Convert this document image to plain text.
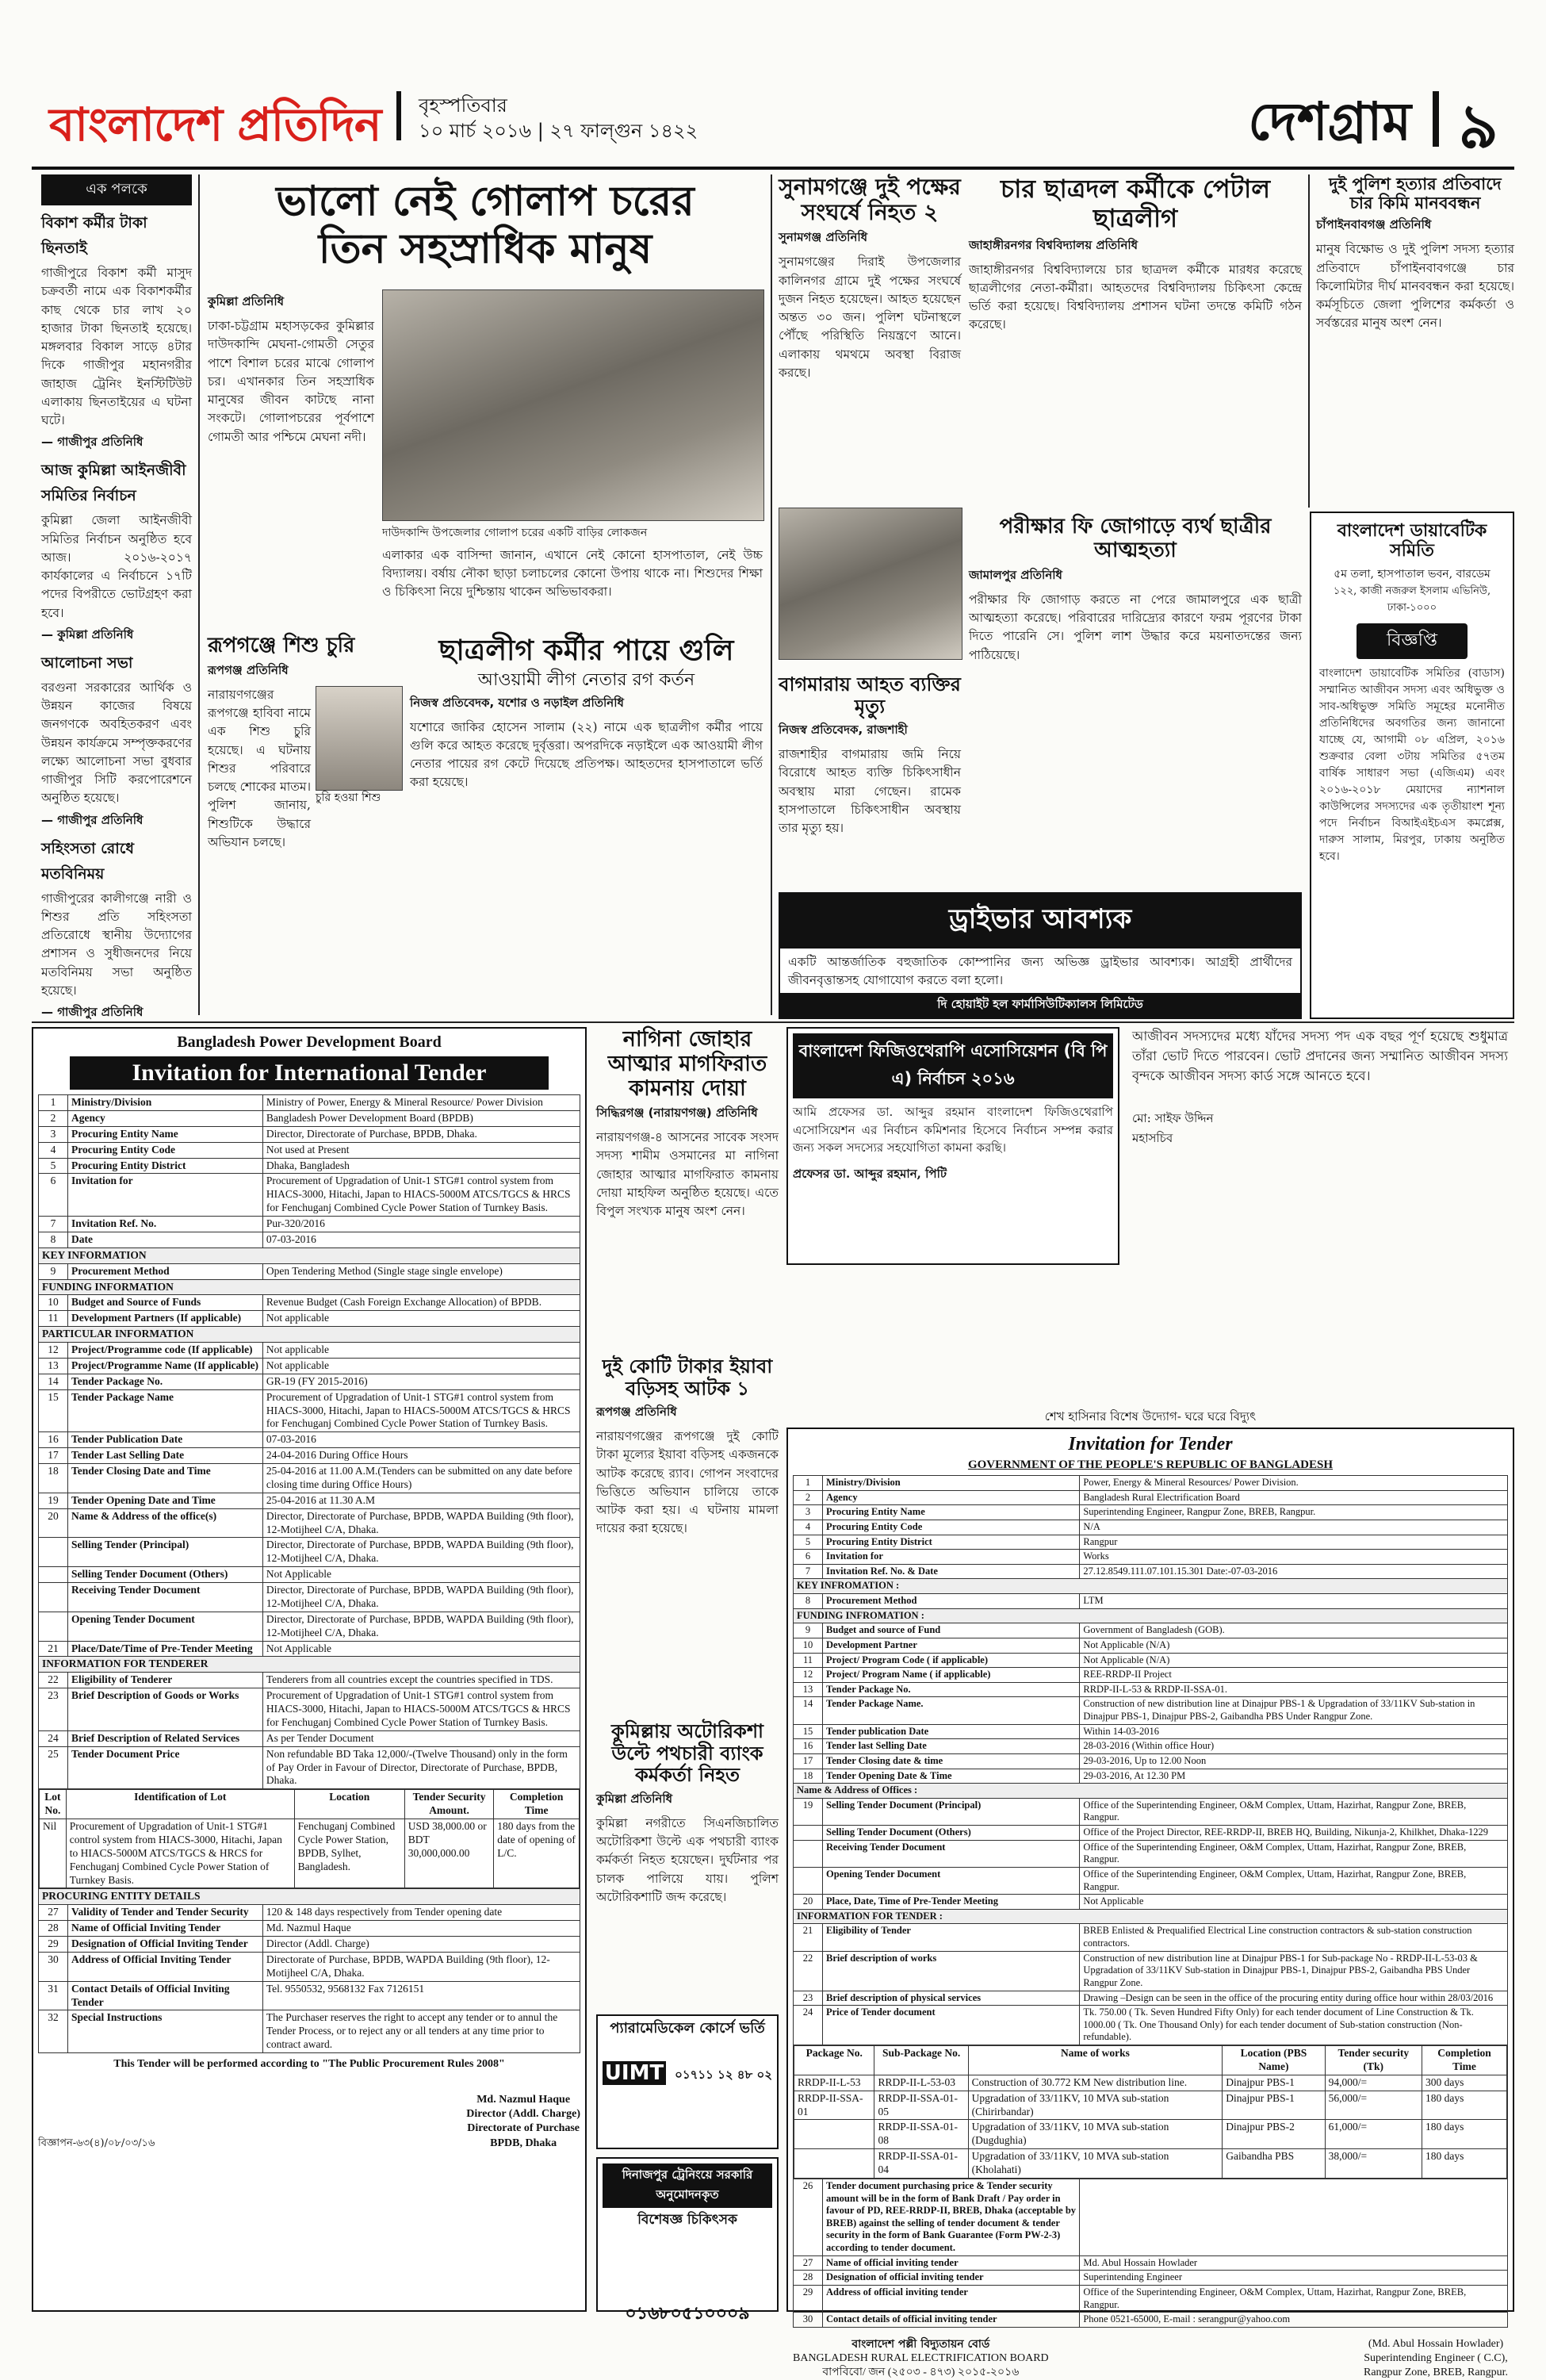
বাংলাদেশ প্রতিদিন বৃহস্পতিবার
১০ মার্চ ২০১৬ | ২৭ ফাল্গুন ১৪২২	দেশগ্রাম ৯
এক পলকে
বিকাশ কর্মীর টাকা ছিনতাই
গাজীপুরে বিকাশ কর্মী মাসুদ চক্রবর্তী নামে এক বিকাশকর্মীর কাছ থেকে চার লাখ ২০ হাজার টাকা ছিনতাই হয়েছে। মঙ্গলবার বিকাল সাড়ে ৪টার দিকে গাজীপুর মহানগরীর জাহাজ ট্রেনিং ইনস্টিটিউট এলাকায় ছিনতাইয়ের এ ঘটনা ঘটে।
— গাজীপুর প্রতিনিধি
আজ কুমিল্লা আইনজীবী সমিতির নির্বাচন
কুমিল্লা জেলা আইনজীবী সমিতির নির্বাচন অনুষ্ঠিত হবে আজ। ২০১৬-২০১৭ কার্যকালের এ নির্বাচনে ১৭টি পদের বিপরীতে ভোটগ্রহণ করা হবে।
— কুমিল্লা প্রতিনিধি
আলোচনা সভা
বরগুনা সরকারের আর্থিক ও উন্নয়ন কাজের বিষয়ে জনগণকে অবহিতকরণ এবং উন্নয়ন কার্যক্রমে সম্পৃক্তকরণের লক্ষ্যে আলোচনা সভা বুধবার গাজীপুর সিটি করপোরেশনে অনুষ্ঠিত হয়েছে।
— গাজীপুর প্রতিনিধি
সহিংসতা রোধে মতবিনিময়
গাজীপুরের কালীগঞ্জে নারী ও শিশুর প্রতি সহিংসতা প্রতিরোধে স্থানীয় উদ্যোগের প্রশাসন ও সুধীজনদের নিয়ে মতবিনিময় সভা অনুষ্ঠিত হয়েছে।
— গাজীপুর প্রতিনিধি
ভালো নেই গোলাপ চরের
তিন সহস্রাধিক মানুষ
কুমিল্লা প্রতিনিধি
ঢাকা-চট্টগ্রাম মহাসড়কের কুমিল্লার দাউদকান্দি মেঘনা-গোমতী সেতুর পাশে বিশাল চরের মাঝে গোলাপ চর। এখানকার তিন সহস্রাধিক মানুষের জীবন কাটছে নানা সংকটে। গোলাপচরের পূর্বপাশে গোমতী আর পশ্চিমে মেঘনা নদী।
দাউদকান্দি উপজেলার গোলাপ চরের একটি বাড়ির লোকজন
এলাকার এক বাসিন্দা জানান, এখানে নেই কোনো হাসপাতাল, নেই উচ্চ বিদ্যালয়। বর্ষায় নৌকা ছাড়া চলাচলের কোনো উপায় থাকে না। শিশুদের শিক্ষা ও চিকিৎসা নিয়ে দুশ্চিন্তায় থাকেন অভিভাবকরা।
রূপগঞ্জে শিশু চুরি
রূপগঞ্জ প্রতিনিধি
নারায়ণগঞ্জের রূপগঞ্জে হাবিবা নামে এক শিশু চুরি হয়েছে। এ ঘটনায় শিশুর পরিবারে চলছে শোকের মাতম। পুলিশ জানায়, শিশুটিকে উদ্ধারে অভিযান চলছে।
চুরি হওয়া শিশু
ছাত্রলীগ কর্মীর পায়ে গুলি
আওয়ামী লীগ নেতার রগ কর্তন
নিজস্ব প্রতিবেদক, যশোর ও নড়াইল প্রতিনিধি
যশোরে জাকির হোসেন সালাম (২২) নামে এক ছাত্রলীগ কর্মীর পায়ে গুলি করে আহত করেছে দুর্বৃত্তরা। অপরদিকে নড়াইলে এক আওয়ামী লীগ নেতার পায়ের রগ কেটে দিয়েছে প্রতিপক্ষ। আহতদের হাসপাতালে ভর্তি করা হয়েছে।
সুনামগঞ্জে দুই পক্ষের সংঘর্ষে নিহত ২
সুনামগঞ্জ প্রতিনিধি
সুনামগঞ্জের দিরাই উপজেলার কালিনগর গ্রামে দুই পক্ষের সংঘর্ষে দুজন নিহত হয়েছেন। আহত হয়েছেন অন্তত ৩০ জন। পুলিশ ঘটনাস্থলে পৌঁছে পরিস্থিতি নিয়ন্ত্রণে আনে। এলাকায় থমথমে অবস্থা বিরাজ করছে।
বাগমারায় আহত ব্যক্তির মৃত্যু
নিজস্ব প্রতিবেদক, রাজশাহী
রাজশাহীর বাগমারায় জমি নিয়ে বিরোধে আহত ব্যক্তি চিকিৎসাধীন অবস্থায় মারা গেছেন। রামেক হাসপাতালে চিকিৎসাধীন অবস্থায় তার মৃত্যু হয়।
চার ছাত্রদল কর্মীকে পেটাল ছাত্রলীগ
জাহাঙ্গীরনগর বিশ্ববিদ্যালয় প্রতিনিধি
জাহাঙ্গীরনগর বিশ্ববিদ্যালয়ে চার ছাত্রদল কর্মীকে মারধর করেছে ছাত্রলীগের নেতা-কর্মীরা। আহতদের বিশ্ববিদ্যালয় চিকিৎসা কেন্দ্রে ভর্তি করা হয়েছে। বিশ্ববিদ্যালয় প্রশাসন ঘটনা তদন্তে কমিটি গঠন করেছে।
পরীক্ষার ফি জোগাড়ে ব্যর্থ ছাত্রীর আত্মহত্যা
জামালপুর প্রতিনিধি
পরীক্ষার ফি জোগাড় করতে না পেরে জামালপুরে এক ছাত্রী আত্মহত্যা করেছে। পরিবারের দারিদ্র্যের কারণে ফরম পূরণের টাকা দিতে পারেনি সে। পুলিশ লাশ উদ্ধার করে ময়নাতদন্তের জন্য পাঠিয়েছে।
ড্রাইভার আবশ্যক
একটি আন্তর্জাতিক বহুজাতিক কোম্পানির জন্য অভিজ্ঞ ড্রাইভার আবশ্যক। আগ্রহী প্রার্থীদের জীবনবৃত্তান্তসহ যোগাযোগ করতে বলা হলো।
দি হোয়াইট হল ফার্মাসিউটিক্যালস লিমিটেড
দুই পুলিশ হত্যার প্রতিবাদে চার কিমি মানববন্ধন
চাঁপাইনবাবগঞ্জ প্রতিনিধি
মানুষ বিক্ষোভ ও দুই পুলিশ সদস্য হত্যার প্রতিবাদে চাঁপাইনবাবগঞ্জে চার কিলোমিটার দীর্ঘ মানববন্ধন করা হয়েছে। কর্মসূচিতে জেলা পুলিশের কর্মকর্তা ও সর্বস্তরের মানুষ অংশ নেন।
বাংলাদেশ ডায়াবেটিক সমিতি
৫ম তলা, হাসপাতাল ভবন, বারডেম
১২২, কাজী নজরুল ইসলাম এভিনিউ, ঢাকা-১০০০
বিজ্ঞপ্তি
বাংলাদেশ ডায়াবেটিক সমিতির (বাডাস) সম্মানিত আজীবন সদস্য এবং অধিভুক্ত ও সাব-অধিভুক্ত সমিতি সমূহের মনোনীত প্রতিনিধিদের অবগতির জন্য জানানো যাচ্ছে যে, আগামী ০৮ এপ্রিল, ২০১৬ শুক্রবার বেলা ৩টায় সমিতির ৫৭তম বার্ষিক সাধারণ সভা (এজিএম) এবং ২০১৬-২০১৮ মেয়াদের ন্যাশনাল কাউন্সিলের সদস্যদের এক তৃতীয়াংশ শূন্য পদে নির্বাচন বিআইএইচএস কমপ্লেক্স, দারুস সালাম, মিরপুর, ঢাকায় অনুষ্ঠিত হবে।
আজীবন সদস্যদের মধ্যে যাঁদের সদস্য পদ এক বছর পূর্ণ হয়েছে শুধুমাত্র তাঁরা ভোট দিতে পারবেন। ভোট প্রদানের জন্য সম্মানিত আজীবন সদস্য বৃন্দকে আজীবন সদস্য কার্ড সঙ্গে আনতে হবে।
মো: সাইফ উদ্দিন
মহাসচিব
Bangladesh Power Development Board
Invitation for International Tender
1	Ministry/Division	Ministry of Power, Energy & Mineral Resource/ Power Division
2	Agency	Bangladesh Power Development Board (BPDB)
3	Procuring Entity Name	Director, Directorate of Purchase, BPDB, Dhaka.
4	Procuring Entity Code	Not used at Present
5	Procuring Entity District	Dhaka, Bangladesh
6	Invitation for	Procurement of Upgradation of Unit-1 STG#1 control system from HIACS-3000, Hitachi, Japan to HIACS-5000M ATCS/TGCS & HRCS for Fenchuganj Combined Cycle Power Station of Turnkey Basis.
7	Invitation Ref. No.	Pur-320/2016
8	Date	07-03-2016
KEY INFORMATION
9	Procurement Method	Open Tendering Method (Single stage single envelope)
FUNDING INFORMATION
10	Budget and Source of Funds	Revenue Budget (Cash Foreign Exchange Allocation) of BPDB.
11	Development Partners (If applicable)	Not applicable
PARTICULAR INFORMATION
12	Project/Programme code (If applicable)	Not applicable
13	Project/Programme Name (If applicable)	Not applicable
14	Tender Package No.	GR-19 (FY 2015-2016)
15	Tender Package Name	Procurement of Upgradation of Unit-1 STG#1 control system from HIACS-3000, Hitachi, Japan to HIACS-5000M ATCS/TGCS & HRCS for Fenchuganj Combined Cycle Power Station of Turnkey Basis.
16	Tender Publication Date	07-03-2016
17	Tender Last Selling Date	24-04-2016 During Office Hours
18	Tender Closing Date and Time	25-04-2016 at 11.00 A.M.(Tenders can be submitted on any date before closing time during Office Hours)
19	Tender Opening Date and Time	25-04-2016 at 11.30 A.M
20	Name & Address of the office(s)	Director, Directorate of Purchase, BPDB, WAPDA Building (9th floor), 12-Motijheel C/A, Dhaka.
	Selling Tender (Principal)	Director, Directorate of Purchase, BPDB, WAPDA Building (9th floor), 12-Motijheel C/A, Dhaka.
	Selling Tender Document (Others)	Not Applicable
	Receiving Tender Document	Director, Directorate of Purchase, BPDB, WAPDA Building (9th floor), 12-Motijheel C/A, Dhaka.
	Opening Tender Document	Director, Directorate of Purchase, BPDB, WAPDA Building (9th floor), 12-Motijheel C/A, Dhaka.
21	Place/Date/Time of Pre-Tender Meeting	Not Applicable
INFORMATION FOR TENDERER
22	Eligibility of Tenderer	Tenderers from all countries except the countries specified in TDS.
23	Brief Description of Goods or Works	Procurement of Upgradation of Unit-1 STG#1 control system from HIACS-3000, Hitachi, Japan to HIACS-5000M ATCS/TGCS & HRCS for Fenchuganj Combined Cycle Power Station of Turnkey Basis.
24	Brief Description of Related Services	As per Tender Document
25	Tender Document Price	Non refundable BD Taka 12,000/-(Twelve Thousand) only in the form of Pay Order in Favour of Director, Directorate of Purchase, BPDB, Dhaka.

Lot No.	Identification of Lot	Location	Tender Security Amount.	Completion Time
Nil	Procurement of Upgradation of Unit-1 STG#1 control system from HIACS-3000, Hitachi, Japan to HIACS-5000M ATCS/TGCS & HRCS for Fenchuganj Combined Cycle Power Station of Turnkey Basis.	Fenchuganj Combined Cycle Power Station, BPDB, Sylhet, Bangladesh.	USD 38,000.00 or BDT 30,000,000.00	180 days from the date of opening of L/C.

PROCURING ENTITY DETAILS
27	Validity of Tender and Tender Security	120 & 148 days respectively from Tender opening date
28	Name of Official Inviting Tender	Md. Nazmul Haque
29	Designation of Official Inviting Tender	Director (Addl. Charge)
30	Address of Official Inviting Tender	Directorate of Purchase, BPDB, WAPDA Building (9th floor), 12-Motijheel C/A, Dhaka.
31	Contact Details of Official Inviting Tender	Tel. 9550532, 9568132 Fax 7126151
32	Special Instructions	The Purchaser reserves the right to accept any tender or to annul the Tender Process, or to reject any or all tenders at any time prior to contract award.
This Tender will be performed according to "The Public Procurement Rules 2008"
বিজ্ঞাপন-৬৩(৪)/০৮/০৩/১৬
Md. Nazmul Haque
Director (Addl. Charge)
Directorate of Purchase
BPDB, Dhaka
নাগিনা জোহার আত্মার মাগফিরাত কামনায় দোয়া
সিদ্ধিরগঞ্জ (নারায়ণগঞ্জ) প্রতিনিধি
নারায়ণগঞ্জ-৪ আসনের সাবেক সংসদ সদস্য শামীম ওসমানের মা নাগিনা জোহার আত্মার মাগফিরাত কামনায় দোয়া মাহফিল অনুষ্ঠিত হয়েছে। এতে বিপুল সংখ্যক মানুষ অংশ নেন।
দুই কোটি টাকার ইয়াবা বড়িসহ আটক ১
রূপগঞ্জ প্রতিনিধি
নারায়ণগঞ্জের রূপগঞ্জে দুই কোটি টাকা মূল্যের ইয়াবা বড়িসহ একজনকে আটক করেছে র‌্যাব। গোপন সংবাদের ভিত্তিতে অভিযান চালিয়ে তাকে আটক করা হয়। এ ঘটনায় মামলা দায়ের করা হয়েছে।
কুমিল্লায় অটোরিকশা উল্টে পথচারী ব্যাংক কর্মকর্তা নিহত
কুমিল্লা প্রতিনিধি
কুমিল্লা নগরীতে সিএনজিচালিত অটোরিকশা উল্টে এক পথচারী ব্যাংক কর্মকর্তা নিহত হয়েছেন। দুর্ঘটনার পর চালক পালিয়ে যায়। পুলিশ অটোরিকশাটি জব্দ করেছে।
প্যারামেডিকেল কোর্সে ভর্তি
UIMT ০১৭১১ ১২ ৪৮ ০২
দিনাজপুর ট্রেনিংয়ে সরকারি অনুমোদনকৃত
বিশেষজ্ঞ চিকিৎসক
০১৬৮০৫১০০০৯
বাংলাদেশ ফিজিওথেরাপি এসোসিয়েশন (বি পি এ) নির্বাচন ২০১৬
আমি প্রফেসর ডা. আব্দুর রহমান বাংলাদেশ ফিজিওথেরাপি এসোসিয়েশন এর নির্বাচন কমিশনার হিসেবে নির্বাচন সম্পন্ন করার জন্য সকল সদস্যের সহযোগিতা কামনা করছি।
প্রফেসর ডা. আব্দুর রহমান, পিটি
শেখ হাসিনার বিশেষ উদ্যোগ- ঘরে ঘরে বিদ্যুৎ
Invitation for Tender
GOVERNMENT OF THE PEOPLE'S REPUBLIC OF BANGLADESH
1	Ministry/Division	Power, Energy & Mineral Resources/ Power Division.
2	Agency	Bangladesh Rural Electrification Board
3	Procuring Entity Name	Superintending Engineer, Rangpur Zone, BREB, Rangpur.
4	Procuring Entity Code	N/A
5	Procuring Entity District	Rangpur
6	Invitation for	Works
7	Invitation Ref. No. & Date	27.12.8549.111.07.101.15.301 Date:-07-03-2016
KEY INFROMATION :
8	Procurement Method	LTM
FUNDING INFROMATION :
9	Budget and source of Fund	Government of Bangladesh (GOB).
10	Development Partner	Not Applicable (N/A)
11	Project/ Program Code ( if applicable)	Not Applicable (N/A)
12	Project/ Program Name ( if applicable)	REE-RRDP-II Project
13	Tender Package No.	RRDP-II-L-53 & RRDP-II-SSA-01.
14	Tender Package Name.	Construction of new distribution line at Dinajpur PBS-1 & Upgradation of 33/11KV Sub-station in Dinajpur PBS-1, Dinajpur PBS-2, Gaibandha PBS Under Rangpur Zone.
15	Tender publication Date	Within 14-03-2016
16	Tender last Selling Date	28-03-2016 (Within office Hour)
17	Tender Closing date & time	29-03-2016, Up to 12.00 Noon
18	Tender Opening Date & Time	29-03-2016, At 12.30 PM
Name & Address of Offices :
19	Selling Tender Document (Principal)	Office of the Superintending Engineer, O&M Complex, Uttam, Hazirhat, Rangpur Zone, BREB, Rangpur.
	Selling Tender Document (Others)	Office of the Project Director, REE-RRDP-II, BREB HQ, Building, Nikunja-2, Khilkhet, Dhaka-1229
	Receiving Tender Document	Office of the Superintending Engineer, O&M Complex, Uttam, Hazirhat, Rangpur Zone, BREB, Rangpur.
	Opening Tender Document	Office of the Superintending Engineer, O&M Complex, Uttam, Hazirhat, Rangpur Zone, BREB, Rangpur.
20	Place, Date, Time of Pre-Tender Meeting	Not Applicable
INFORMATION FOR TENDER :
21	Eligibility of Tender	BREB Enlisted & Prequalified Electrical Line construction contractors & sub-station construction contractors.
22	Brief description of works	Construction of new distribution line at Dinajpur PBS-1 for Sub-package No - RRDP-II-L-53-03 & Upgradation of 33/11KV Sub-station in Dinajpur PBS-1, Dinajpur PBS-2, Gaibandha PBS Under Rangpur Zone.
23	Brief description of physical services	Drawing –Design can be seen in the office of the procuring entity during office hour within 28/03/2016
24	Price of Tender document	Tk. 750.00 ( Tk. Seven Hundred Fifty Only) for each tender document of Line Construction & Tk. 1000.00 ( Tk. One Thousand Only) for each tender document of Sub-station construction (Non-refundable).

Package No.	Sub-Package No.	Name of works	Location (PBS Name)	Tender security (Tk)	Completion Time
RRDP-II-L-53	RRDP-II-L-53-03	Construction of 30.772 KM New distribution line.	Dinajpur PBS-1	94,000/=	300 days
RRDP-II-SSA-01	RRDP-II-SSA-01-05	Upgradation of 33/11KV, 10 MVA sub-station (Chirirbandar)	Dinajpur PBS-1	56,000/=	180 days
	RRDP-II-SSA-01-08	Upgradation of 33/11KV, 10 MVA sub-station (Dugdughia)	Dinajpur PBS-2	61,000/=	180 days
	RRDP-II-SSA-01-04	Upgradation of 33/11KV, 10 MVA sub-station (Kholahati)	Gaibandha PBS	38,000/=	180 days

26	Tender document purchasing price & Tender security amount will be in the form of Bank Draft / Pay order in favour of PD, REE-RRDP-II, BREB, Dhaka (acceptable by BREB) against the selling of tender document & tender security in the form of Bank Guarantee (Form PW-2-3) according to tender document.	
27	Name of official inviting tender	Md. Abul Hossain Howlader
28	Designation of official inviting tender	Superintending Engineer
29	Address of official inviting tender	Office of the Superintending Engineer, O&M Complex, Uttam, Hazirhat, Rangpur Zone, BREB, Rangpur.
30	Contact details of official inviting tender	Phone 0521-65000, E-mail : serangpur@yahoo.com
বাংলাদেশ পল্লী বিদ্যুতায়ন বোর্ড
BANGLADESH RURAL ELECTRIFICATION BOARD
বাপবিবো/ জন (২৫০৩ - ৪৭৩) ২০১৫-২০১৬
(Md. Abul Hossain Howlader)
Superintending Engineer ( C.C),
Rangpur Zone, BREB, Rangpur.
